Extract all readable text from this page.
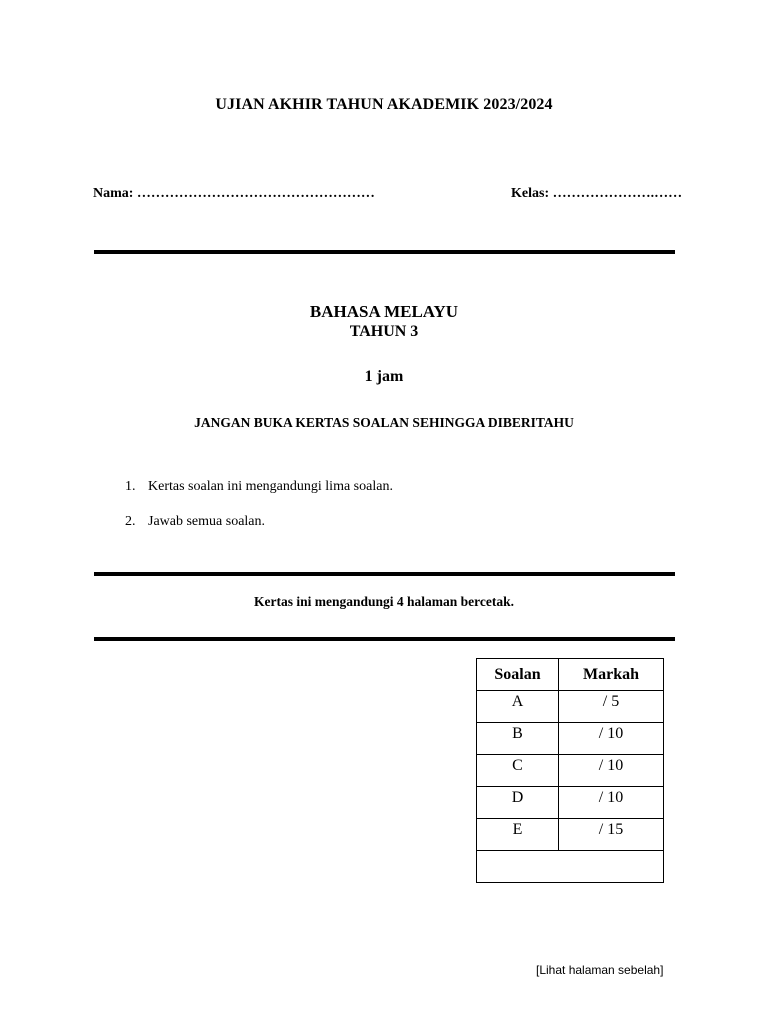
UJIAN AKHIR TAHUN AKADEMIK 2023/2024
Nama: ……………………………………………	Kelas: ………………….……
BAHASA MELAYU
TAHUN 3
1 jam
JANGAN BUKA KERTAS SOALAN SEHINGGA DIBERITAHU
1. Kertas soalan ini mengandungi lima soalan.
2. Jawab semua soalan.
Kertas ini mengandungi 4 halaman bercetak.
Soalan	Markah
A	/ 5
B	/ 10
C	/ 10
D	/ 10
E	/ 15

[Lihat halaman sebelah]
